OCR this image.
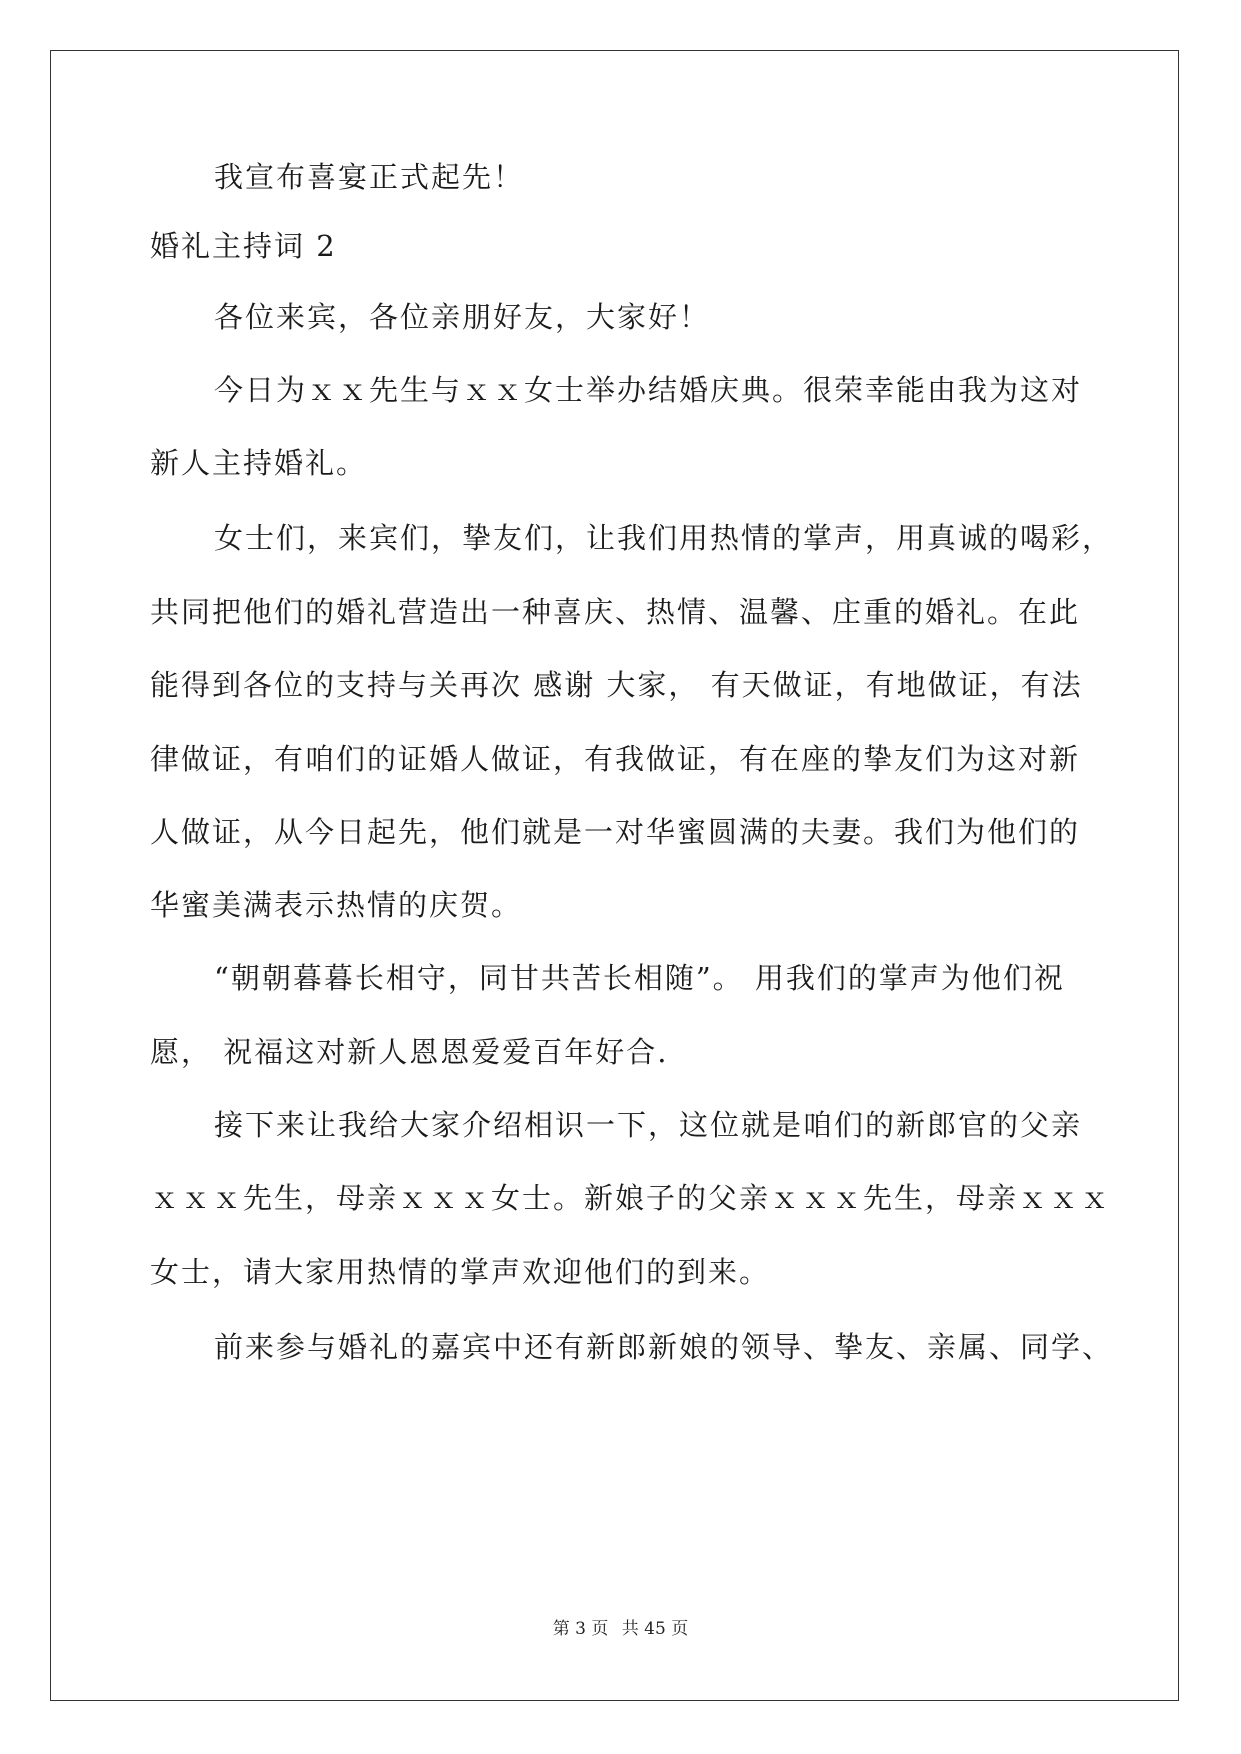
我宣布喜宴正式起先！
婚礼主持词 2
各位来宾，各位亲朋好友，大家好！
今日为ｘｘ先生与ｘｘ女士举办结婚庆典。很荣幸能由我为这对
新人主持婚礼。
女士们，来宾们，挚友们，让我们用热情的掌声，用真诚的喝彩，
共同把他们的婚礼营造出一种喜庆、热情、温馨、庄重的婚礼。在此
能得到各位的支持与关再次 感谢 大家， 有天做证，有地做证，有法
律做证，有咱们的证婚人做证，有我做证，有在座的挚友们为这对新
人做证，从今日起先，他们就是一对华蜜圆满的夫妻。我们为他们的
华蜜美满表示热情的庆贺。
“朝朝暮暮长相守，同甘共苦长相随”。 用我们的掌声为他们祝
愿， 祝福这对新人恩恩爱爱百年好合.
接下来让我给大家介绍相识一下，这位就是咱们的新郎官的父亲
ｘｘｘ先生，母亲ｘｘｘ女士。新娘子的父亲ｘｘｘ先生，母亲ｘｘｘ
女士，请大家用热情的掌声欢迎他们的到来。
前来参与婚礼的嘉宾中还有新郎新娘的领导、挚友、亲属、同学、
第 3 页 共 45 页
